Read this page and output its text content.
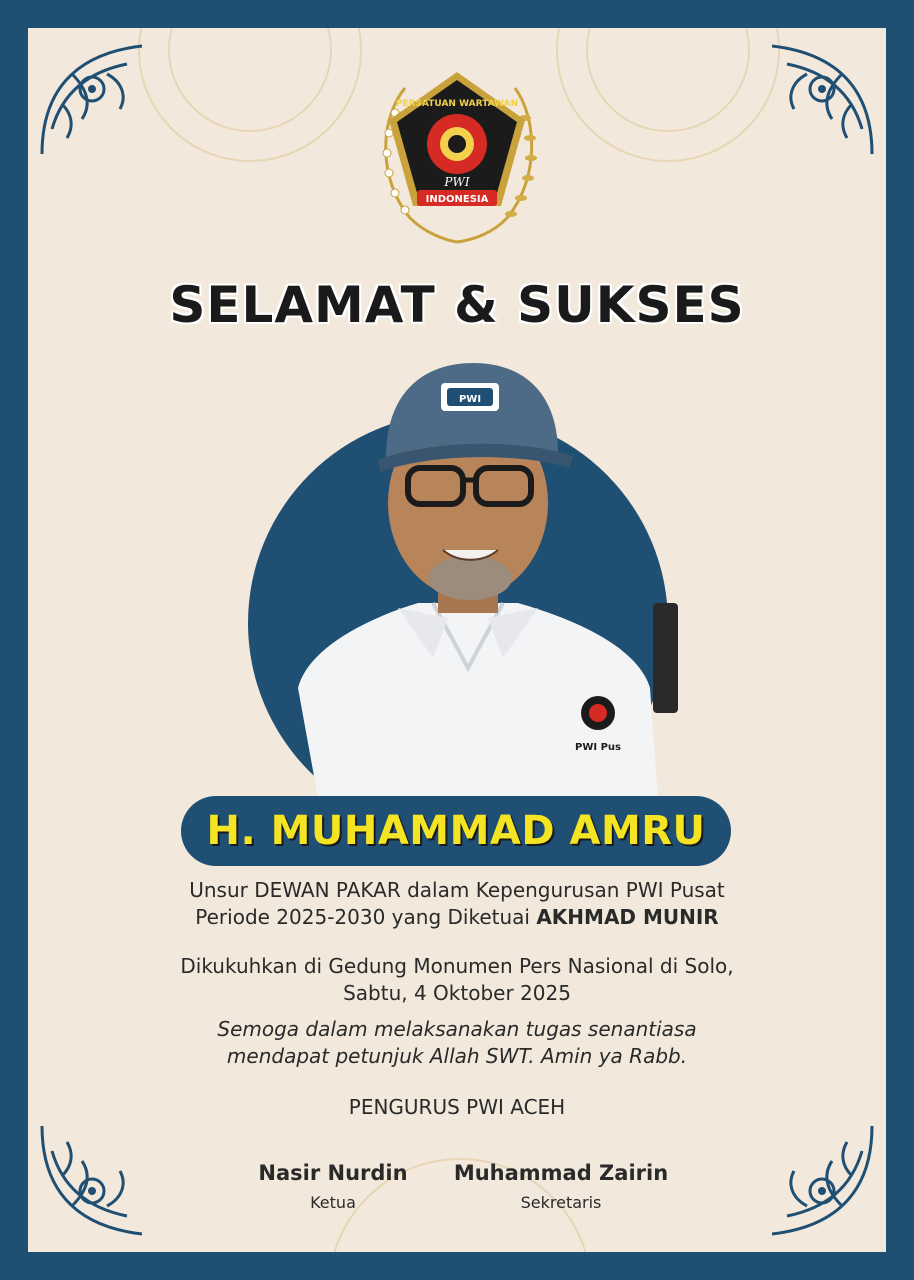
PERSATUAN WARTAWAN
PWI
INDONESIA
SELAMAT & SUKSES
PWI Pus
PWI
H. MUHAMMAD AMRU
Unsur DEWAN PAKAR dalam Kepengurusan PWI Pusat
Periode 2025-2030 yang Diketuai AKHMAD MUNIR
Dikukuhkan di Gedung Monumen Pers Nasional di Solo,
Sabtu, 4 Oktober 2025
Semoga dalam melaksanakan tugas senantiasa
mendapat petunjuk Allah SWT. Amin ya Rabb.
PENGURUS PWI ACEH
Nasir Nurdin
Ketua
Muhammad Zairin
Sekretaris
